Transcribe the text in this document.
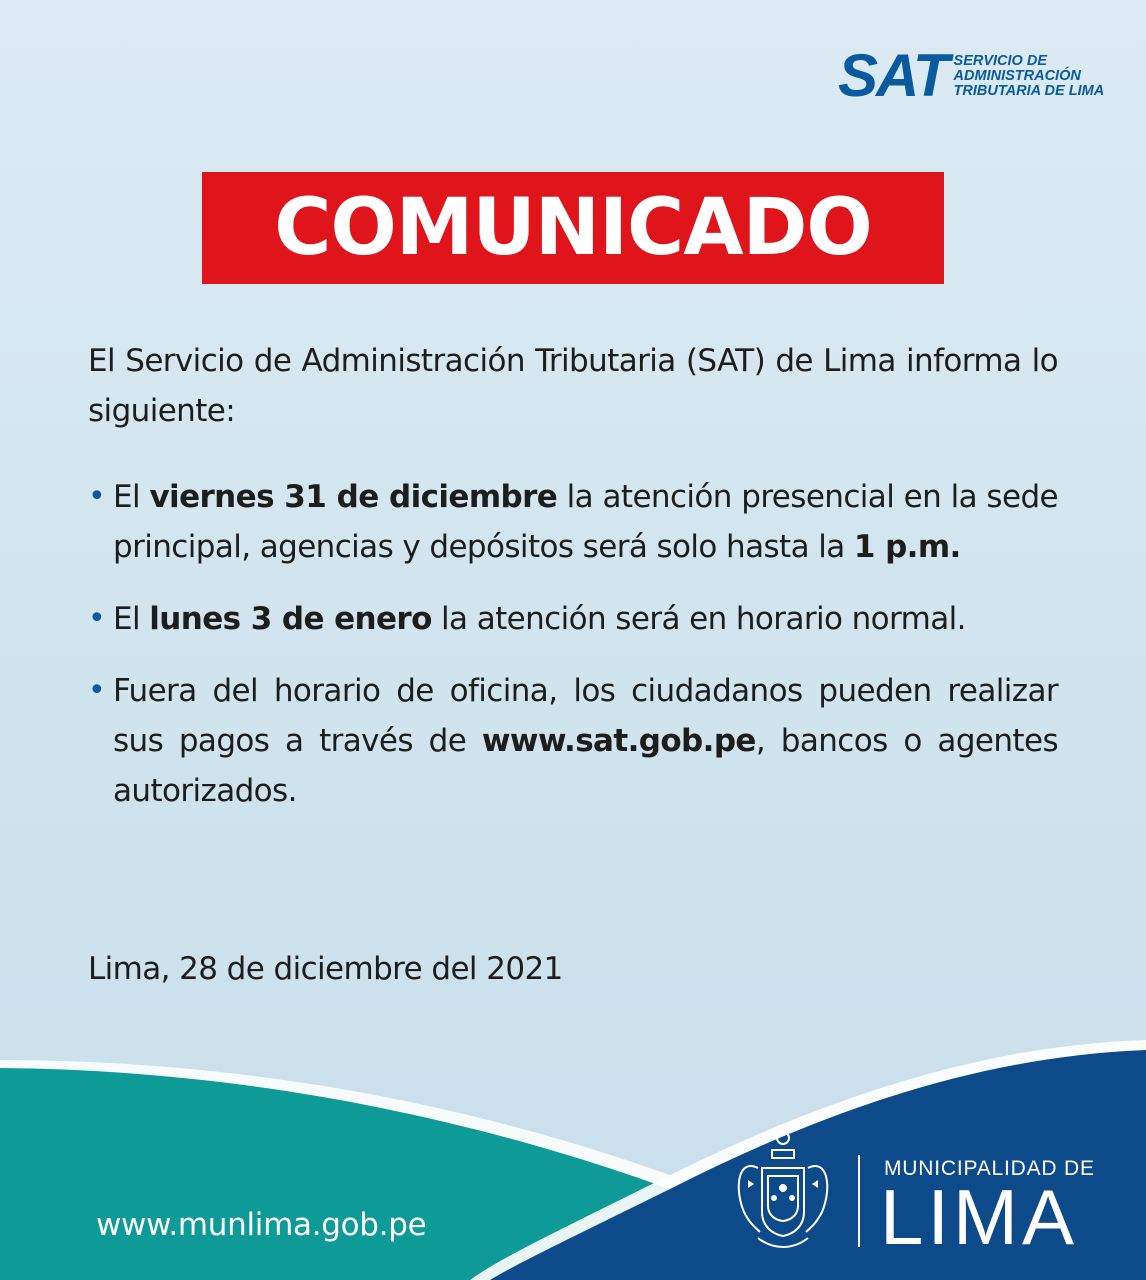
SAT SERVICIO DE
ADMINISTRACIÓN
TRIBUTARIA DE LIMA
COMUNICADO
El Servicio de Administración Tributaria (SAT) de Lima informa lo siguiente:
• El viernes 31 de diciembre la atención presencial en la sede principal, agencias y depósitos será solo hasta la 1 p.m.
• El lunes 3 de enero la atención será en horario normal.
• Fuera del horario de oficina, los ciudadanos pueden realizar sus pagos a través de www.sat.gob.pe, bancos o agentes autorizados.
Lima, 28 de diciembre del 2021
www.munlima.gob.pe
MUNICIPALIDAD DE
LIMA
